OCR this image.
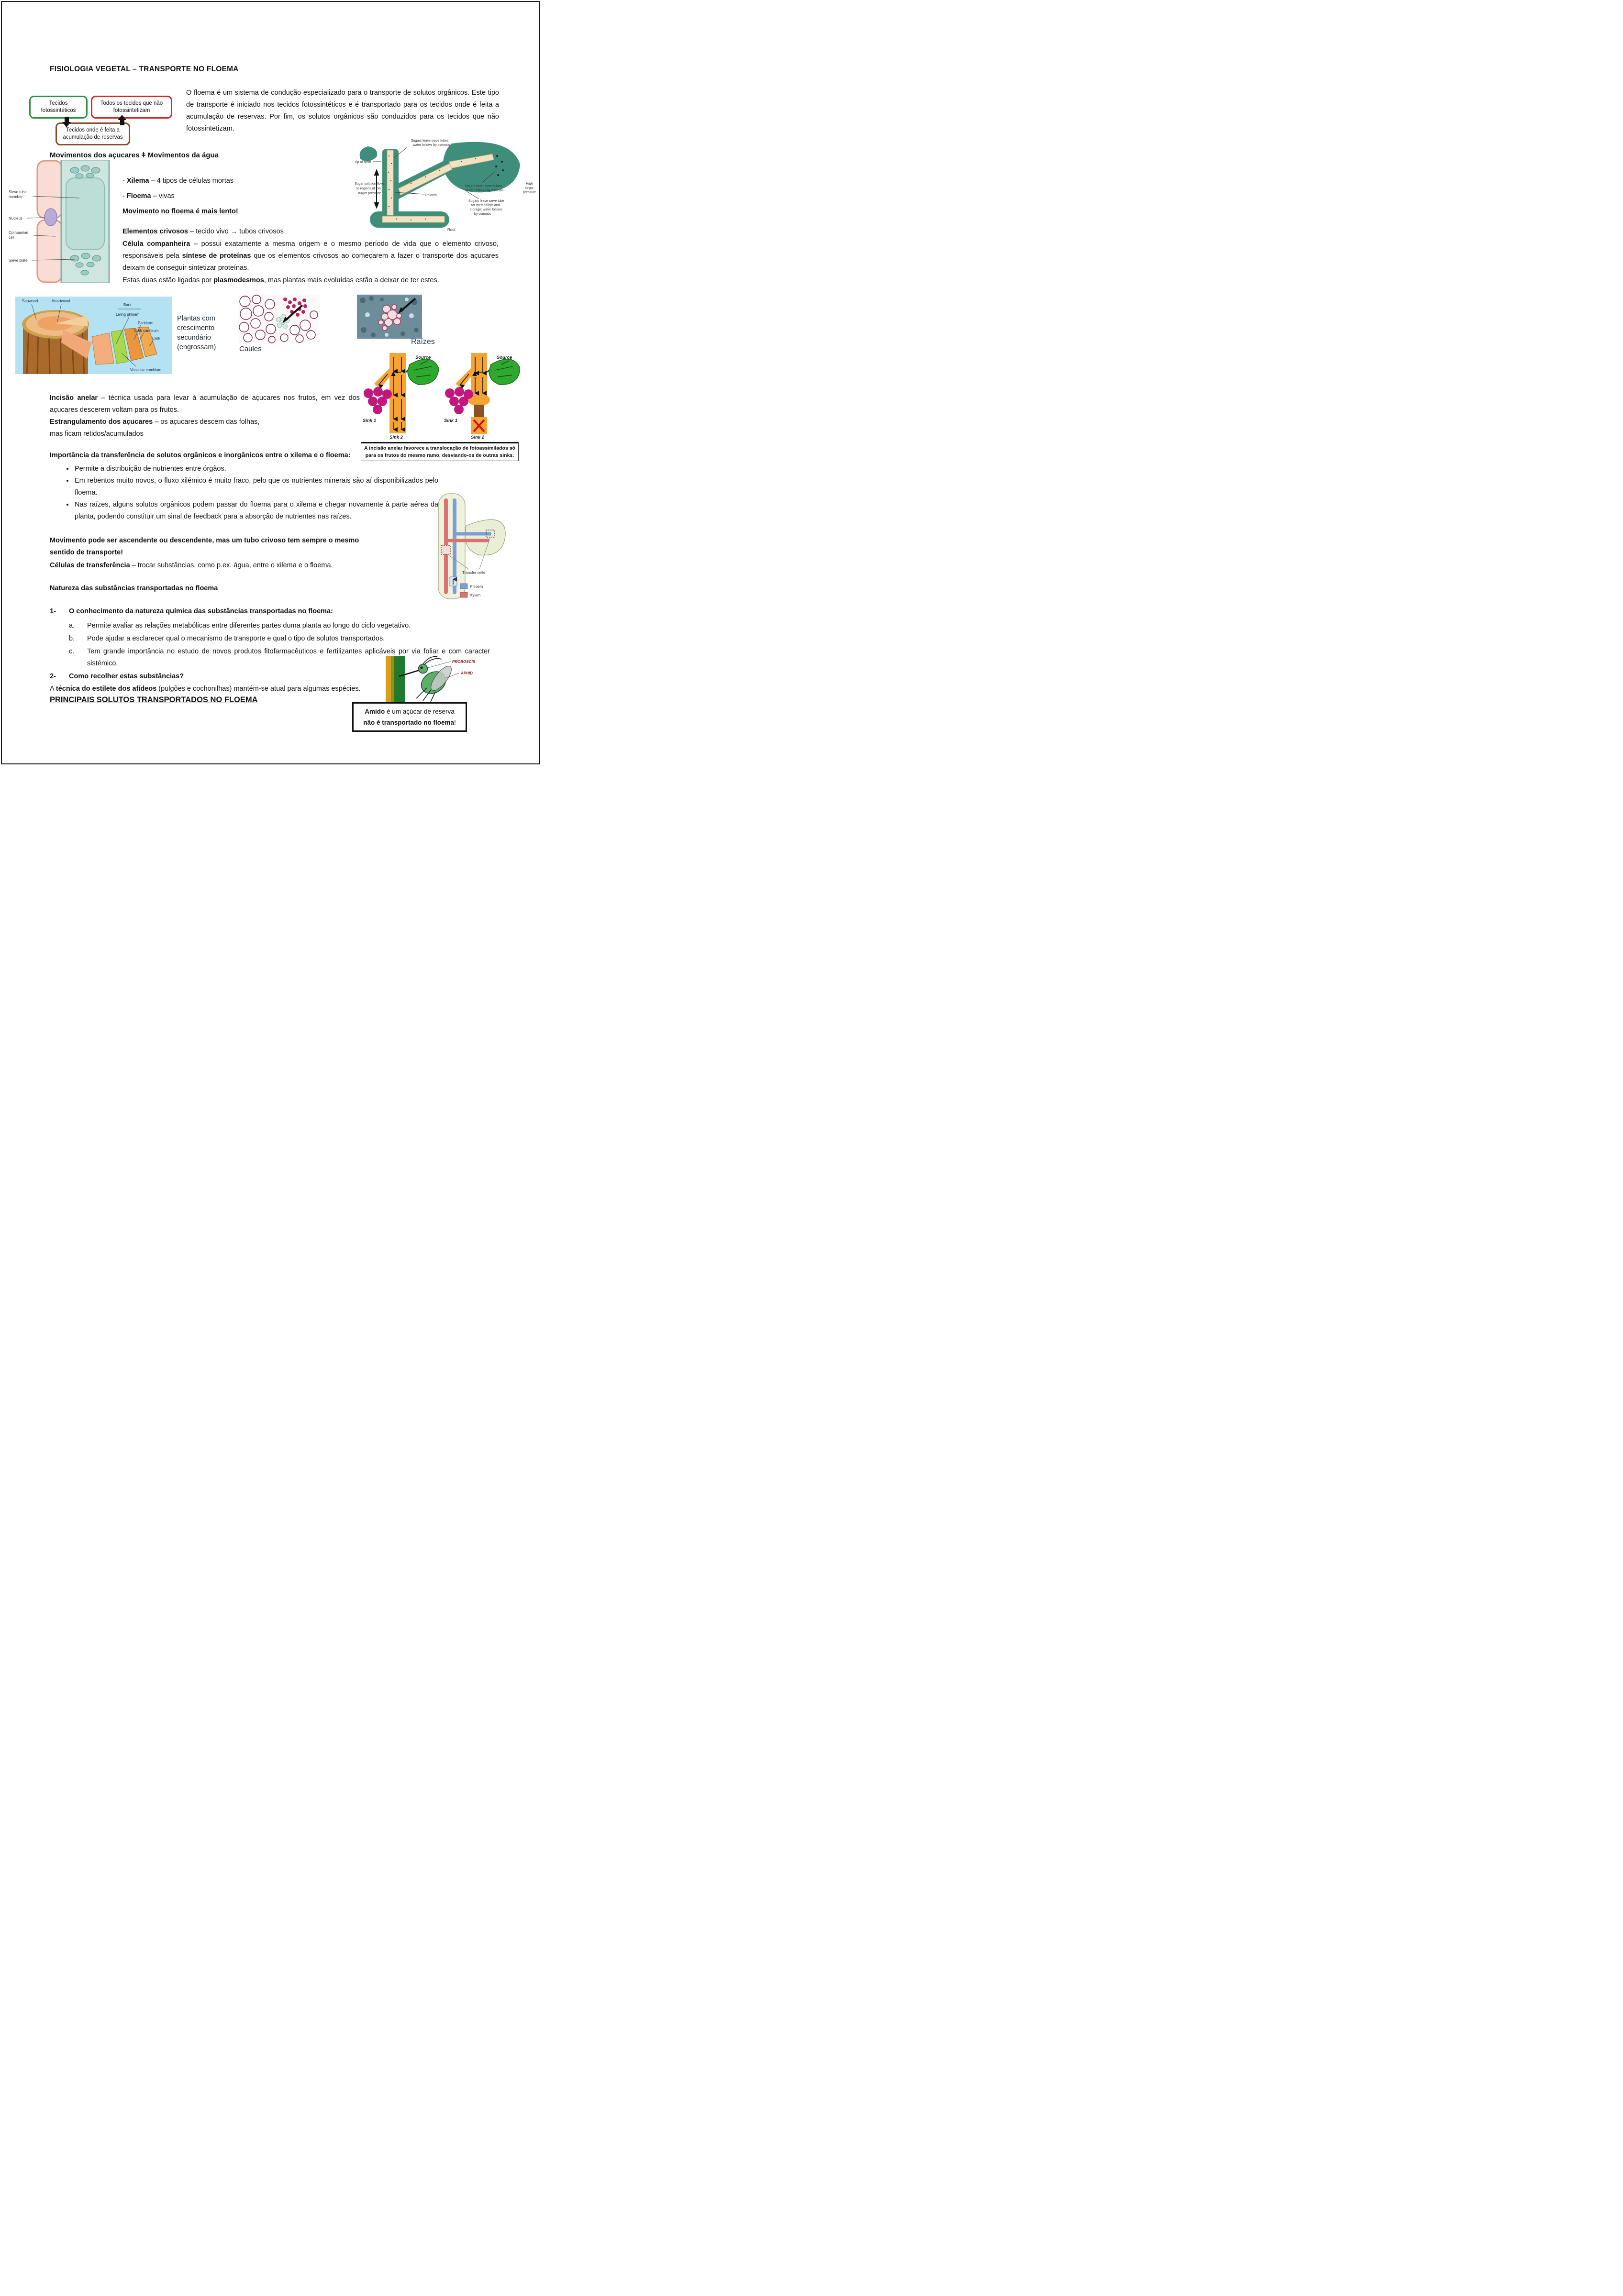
FISIOLOGIA VEGETAL – TRANSPORTE NO FLOEMA
Tecidos fotossintéticos
Todos os tecidos que não fotossintetizam
Tecidos onde é feita a acumulação de reservas
O floema é um sistema de condução especializado para o transporte de solutos orgânicos. Este tipo de transporte é iniciado nos tecidos fotossintéticos e é transportado para os tecidos onde é feita a acumulação de reservas. Por fim, os solutos orgânicos são conduzidos para os tecidos que não fotossintetizam.
Movimentos dos açucares ǂ Movimentos da água
Sieve tube
member
Nucleus
Companion
cell
Sieve plate
- Xilema – 4 tipos de células mortas
- Floema – vivas
Movimento no floema é mais lento!
Sugars leave sieve tubes:
water follows by osmosis
Tip of stem
Sugar solution flows
to regions of low
turgor pressure
Phloem
Sugars enter sieve tubes:
water follows by osmosis
=High
turgor
pressure
Sugars leave sieve tube
for metabolism and
storage: water follows
by osmosis
Root
Elementos crivosos – tecido vivo → tubos crivosos
Célula companheira – possui exatamente a mesma origem e o mesmo período de vida que o elemento crivoso, responsáveis pela síntese de proteínas que os elementos crivosos ao começarem a fazer o transporte dos açucares deixam de conseguir sintetizar proteínas.
Estas duas estão ligadas por plasmodesmos, mas plantas mais evoluídas estão a deixar de ter estes.
Sapwood	Heartwood
Bark
Living phloem
Periderm
Cork cambium
Cork
Vascular cambium
Plantas com crescimento secundário (engrossam)	Caules
Raízes
Source	Source
Sink 1	Sink 1
Sink 2	Sink 2
A incisão anelar favorece a translocação de fotoassimilados só para os frutos do mesmo ramo, desviando-os de outras sinks.
Incisão anelar – técnica usada para levar à acumulação de açucares nos frutos, em vez dos açucares descerem voltam para os frutos.
Estrangulamento dos açucares – os açucares descem das folhas,
mas ficam retidos/acumulados
Importância da transferência de solutos orgânicos e inorgânicos entre o xilema e o floema:
• Permite a distribuição de nutrientes entre órgãos.
• Em rebentos muito novos, o fluxo xilémico é muito fraco, pelo que os nutrientes minerais são aí disponibilizados pelo floema.
• Nas raízes, alguns solutos orgânicos podem passar do floema para o xilema e chegar novamente à parte aérea da planta, podendo constituir um sinal de feedback para a absorção de nutrientes nas raízes.
Movimento pode ser ascendente ou descendente, mas um tubo crivoso tem sempre o mesmo sentido de transporte!
Células de transferência – trocar substâncias, como p.ex. água, entre o xilema e o floema.
Transfer cells
Phloem
Xylem
Natureza das substâncias transportadas no floema
1-	O conhecimento da natureza química das substâncias transportadas no floema:
a.	Permite avaliar as relações metabólicas entre diferentes partes duma planta ao longo do ciclo vegetativo.
b.	Pode ajudar a esclarecer qual o mecanismo de transporte e qual o tipo de solutos transportados.
c.	Tem grande importância no estudo de novos produtos fitofarmacêuticos e fertilizantes aplicáveis por via foliar e com caracter sistémico.
2-	Como recolher estas substâncias?
A técnica do estilete dos afídeos (pulgões e cochonilhas) mantém-se atual para algumas espécies.
PRINCIPAIS SOLUTOS TRANSPORTADOS NO FLOEMA
PROBOSCIS
APHID
Amido é um açúcar de reserva
não é transportado no floema!
